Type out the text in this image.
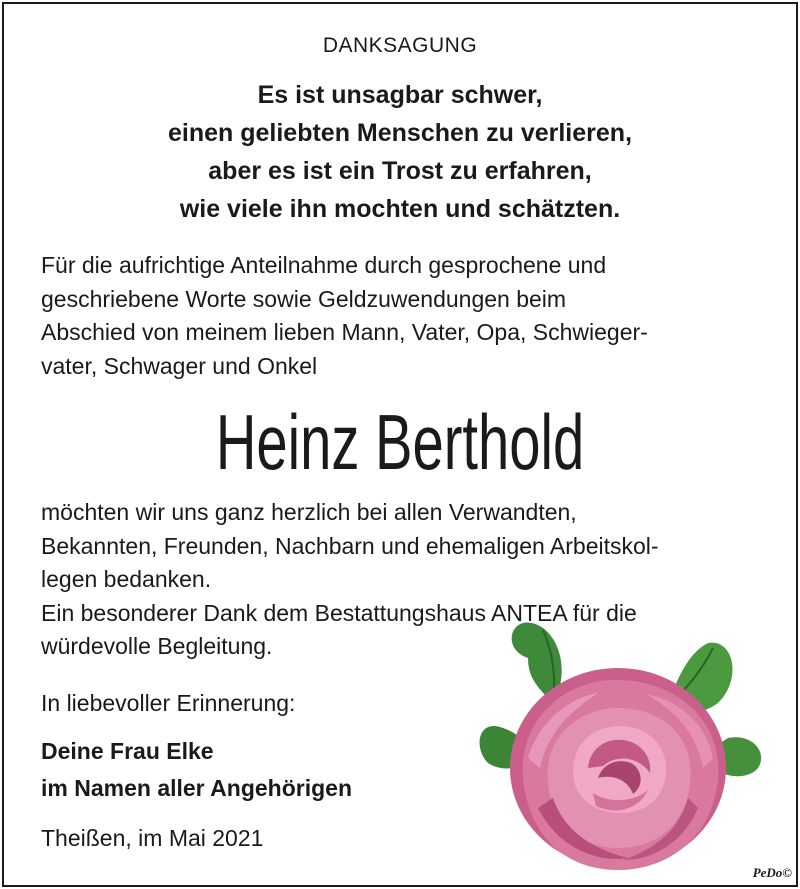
DANKSAGUNG
Es ist unsagbar schwer,
einen geliebten Menschen zu verlieren,
aber es ist ein Trost zu erfahren,
wie viele ihn mochten und schätzten.
Für die aufrichtige Anteilnahme durch gesprochene und
geschriebene Worte sowie Geldzuwendungen beim
Abschied von meinem lieben Mann, Vater, Opa, Schwieger-
vater, Schwager und Onkel
Heinz Berthold
möchten wir uns ganz herzlich bei allen Verwandten,
Bekannten, Freunden, Nachbarn und ehemaligen Arbeitskol-
legen bedanken.
Ein besonderer Dank dem Bestattungshaus ANTEA für die
würdevolle Begleitung.
In liebevoller Erinnerung:
Deine Frau Elke
im Namen aller Angehörigen
Theißen, im Mai 2021
PeDo©
